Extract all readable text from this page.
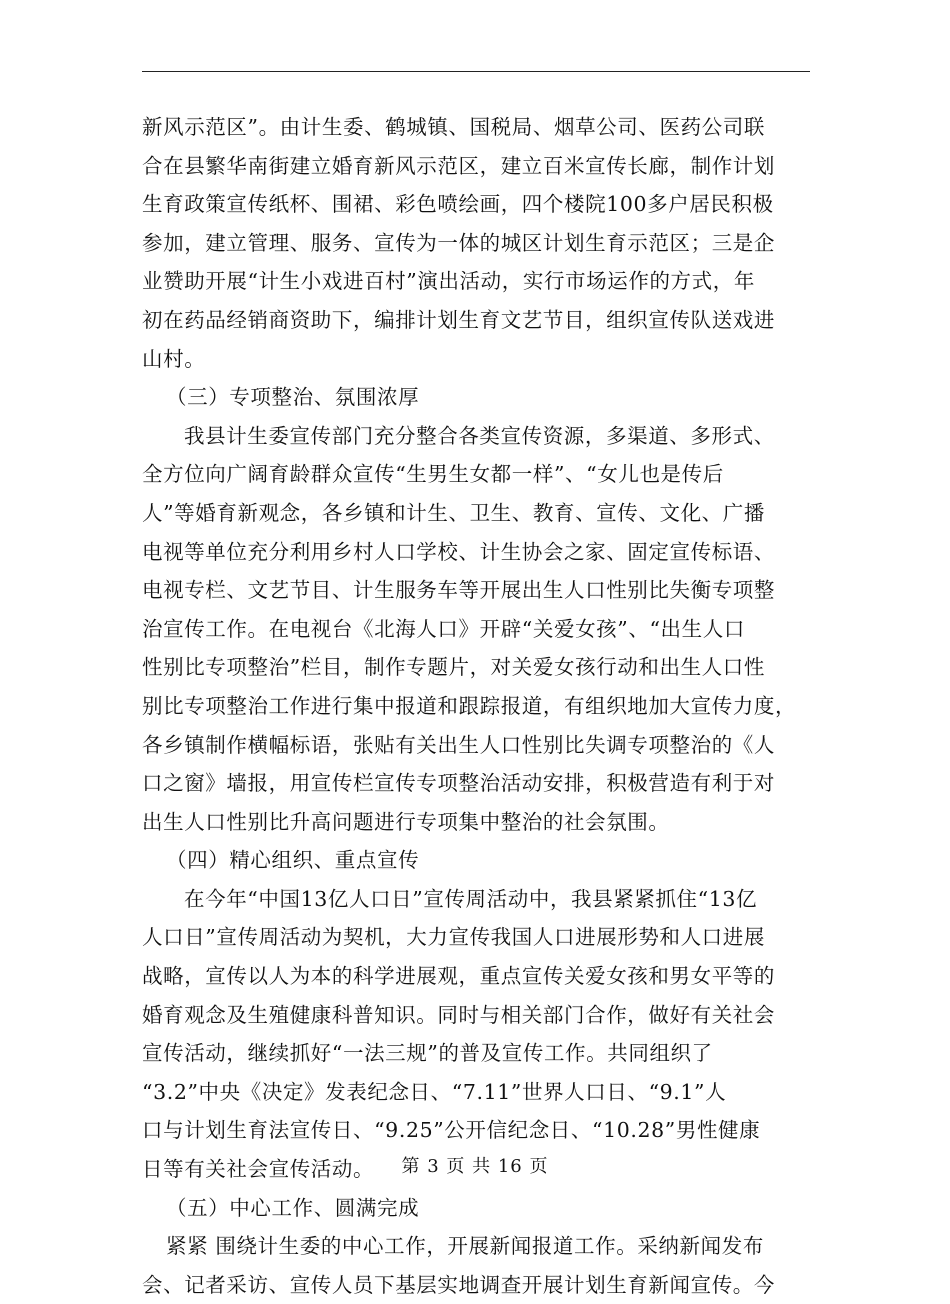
新风示范区”。由计生委、鹤城镇、国税局、烟草公司、医药公司联
合在县繁华南街建立婚育新风示范区，建立百米宣传长廊，制作计划
生育政策宣传纸杯、围裙、彩色喷绘画，四个楼院100多户居民积极
参加，建立管理、服务、宣传为一体的城区计划生育示范区；三是企
业赞助开展“计生小戏进百村”演出活动，实行市场运作的方式，年
初在药品经销商资助下，编排计划生育文艺节目，组织宣传队送戏进
山村。
（三）专项整治、氛围浓厚
我县计生委宣传部门充分整合各类宣传资源，多渠道、多形式、
全方位向广阔育龄群众宣传“生男生女都一样”、“女儿也是传后
人”等婚育新观念，各乡镇和计生、卫生、教育、宣传、文化、广播
电视等单位充分利用乡村人口学校、计生协会之家、固定宣传标语、
电视专栏、文艺节目、计生服务车等开展出生人口性别比失衡专项整
治宣传工作。在电视台《北海人口》开辟“关爱女孩”、“出生人口
性别比专项整治”栏目，制作专题片，对关爱女孩行动和出生人口性
别比专项整治工作进行集中报道和跟踪报道，有组织地加大宣传力度，
各乡镇制作横幅标语，张贴有关出生人口性别比失调专项整治的《人
口之窗》墙报，用宣传栏宣传专项整治活动安排，积极营造有利于对
出生人口性别比升高问题进行专项集中整治的社会氛围。
（四）精心组织、重点宣传
在今年“中国13亿人口日”宣传周活动中，我县紧紧抓住“13亿
人口日”宣传周活动为契机，大力宣传我国人口进展形势和人口进展
战略，宣传以人为本的科学进展观，重点宣传关爱女孩和男女平等的
婚育观念及生殖健康科普知识。同时与相关部门合作，做好有关社会
宣传活动，继续抓好“一法三规”的普及宣传工作。共同组织了
“3.2”中央《决定》发表纪念日、“7.11”世界人口日、“9.1”人
口与计划生育法宣传日、“9.25”公开信纪念日、“10.28”男性健康
日等有关社会宣传活动。
（五）中心工作、圆满完成
紧紧 围绕计生委的中心工作，开展新闻报道工作。采纳新闻发布
会、记者采访、宣传人员下基层实地调查开展计划生育新闻宣传。今
第 3 页 共 16 页
